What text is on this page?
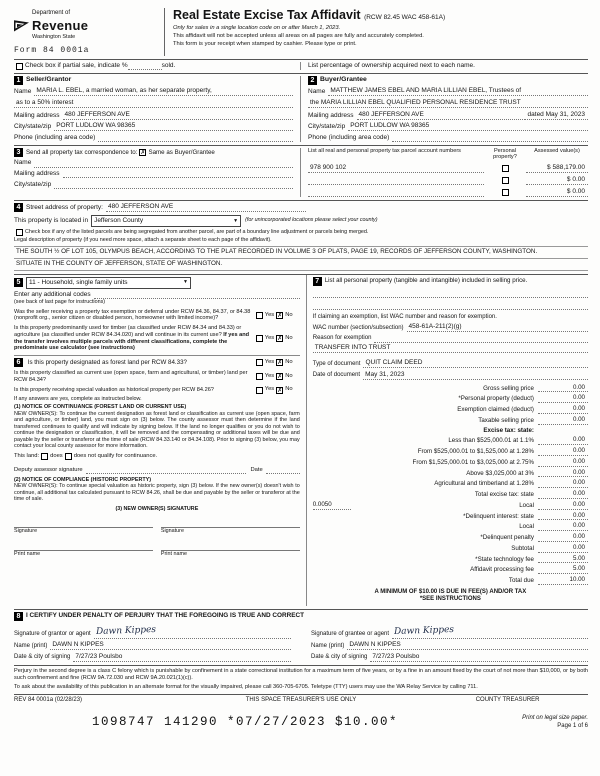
Department of
Revenue
Washington State
Form 84 0001a
Real Estate Excise Tax Affidavit (RCW 82.45 WAC 458-61A)
Only for sales in a single location code on or after March 1, 2023.
This affidavit will not be accepted unless all areas on all pages are fully and accurately completed.
This form is your receipt when stamped by cashier. Please type or print.
Check box if partial sale, indicate %	sold.	List percentage of ownership acquired next to each name.
1 Seller/Grantor
Name MARIA L. EBEL, a married woman, as her separate property,
as to a 50% interest
Mailing address 480 JEFFERSON AVE
City/state/zip PORT LUDLOW WA 98365
Phone (including area code)
2 Buyer/Grantee
Name MATTHEW JAMES EBEL AND MARIA LILLIAN EBEL, Trustees of
the MARIA LILLIAN EBEL QUALIFIED PERSONAL RESIDENCE TRUST
Mailing address 480 JEFFERSON AVE	dated May 31, 2023
City/state/zip PORT LUDLOW WA 98365
Phone (including area code)
3 Send all property tax correspondence to: ✗ Same as Buyer/Grantee
Name
Mailing address
City/state/zip
List all real and personal property tax parcel account numbers	Personal property?
Assessed value(s)
978 900 102	$ 588,179.00
$ 0.00
$ 0.00
4 Street address of property: 480 JEFFERSON AVE
This property is located in Jefferson County	▼ (for unincorporated locations please select your county)
Check box if any of the listed parcels are being segregated from another parcel, are part of a boundary line adjustment or parcels being merged.
Legal description of property (if you need more space, attach a separate sheet to each page of the affidavit).
THE SOUTH ½ OF LOT 105, OLYMPUS BEACH, ACCORDING TO THE PLAT RECORDED IN VOLUME 3 OF PLATS, PAGE 19, RECORDS OF JEFFERSON COUNTY, WASHINGTON.
SITUATE IN THE COUNTY OF JEFFERSON, STATE OF WASHINGTON.
5	11 - Household, single family units	▼
Enter any additional codes
(see back of last page for instructions)
Was the seller receiving a property tax exemption or deferral under RCW 84.36, 84.37, or 84.38 (nonprofit org., senior citizen or disabled person, homeowner with limited income)?
Yes ✗ No
Is this property predominantly used for timber (as classified under RCW 84.34 and 84.33) or agriculture (as classified under RCW 84.34.020) and will continue in its current use? If yes and the transfer involves multiple parcels with different classifications, complete the predominate use calculator (see instructions)
Yes ✗ No
6 Is this property designated as forest land per RCW 84.33?	Yes ✗ No
Is this property classified as current use (open space, farm and agricultural, or timber) land per RCW 84.34?
Yes ✗ No
Is this property receiving special valuation as historical property per RCW 84.26?	Yes ✗ No
If any answers are yes, complete as instructed below.
(1) NOTICE OF CONTINUANCE (FOREST LAND OR CURRENT USE)
NEW OWNER(S): To continue the current designation as forest land or classification as current use (open space, farm and agriculture, or timber) land, you must sign on (3) below. The county assessor must then determine if the land transferred continues to qualify and will indicate by signing below. If the land no longer qualifies or you do not wish to continue the designation or classification, it will be removed and the compensating or additional taxes will be due and payable by the seller or transferor at the time of sale (RCW 84.33.140 or 84.34.108). Prior to signing (3) below, you may contact your local county assessor for more information.
This land: does does not qualify for
continuance.
Deputy assessor signature	Date
(2) NOTICE OF COMPLIANCE (HISTORIC PROPERTY)
NEW OWNER(S): To continue special valuation as historic property, sign (3) below. If the new owner(s) doesn't wish to continue, all additional tax calculated pursuant to RCW 84.26, shall be due and payable by the seller or transferor at the time of sale.
(3) NEW OWNER(S) SIGNATURE
Signature	Signature
Print name	Print name
7 List all personal property (tangible and intangible) included in selling price.
If claiming an exemption, list WAC number and reason for exemption.
WAC number (section/subsection) 458-61A-211(2)(g)
Reason for exemption
TRANSFER INTO TRUST
Type of document QUIT CLAIM DEED
Date of document May 31, 2023
Gross selling price	0.00
*Personal property (deduct)	0.00
Exemption claimed (deduct)	0.00
Taxable selling price	0.00
Excise tax: state:
Less than $525,000.01 at 1.1%	0.00
From $525,000.01 to $1,525,000 at 1.28%	0.00
From $1,525,000.01 to $3,025,000 at 2.75%	0.00
Above $3,025,000 at 3%	0.00
Agricultural and timberland at 1.28%	0.00
Total excise tax: state	0.00
0.0050	Local	0.00
*Delinquent interest: state	0.00
Local	0.00
*Delinquent penalty	0.00
Subtotal	0.00
*State technology fee	5.00
Affidavit processing fee	5.00
Total due	10.00
A MINIMUM OF $10.00 IS DUE IN FEE(S) AND/OR TAX
*SEE INSTRUCTIONS
8 I CERTIFY UNDER PENALTY OF PERJURY THAT THE FOREGOING IS TRUE AND CORRECT
Signature of grantor or agent Dawn Kippes
Name (print) DAWN N KIPPES
Date & city of signing 7/27/23 Poulsbo
Signature of grantee or agent Dawn Kippes
Name (print) DAWN N KIPPES
Date & city of signing 7/27/23 Poulsbo
Perjury in the second degree is a class C felony which is punishable by confinement in a state correctional institution for a maximum term of five years, or by a fine in an amount fixed by the court of not more than $10,000, or by both such confinement and fine (RCW 9A.72.030 and RCW 9A.20.021(1)(c)).
To ask about the availability of this publication in an alternate format for the visually impaired, please call 360-705-6705. Teletype (TTY) users may use the WA Relay Service by calling 711.
REV 84 0001a (02/28/23)	THIS SPACE TREASURER'S USE ONLY	COUNTY TREASURER
1098747 141290 *07/27/2023 $10.00*	Print on legal size paper.
Page 1 of 6
